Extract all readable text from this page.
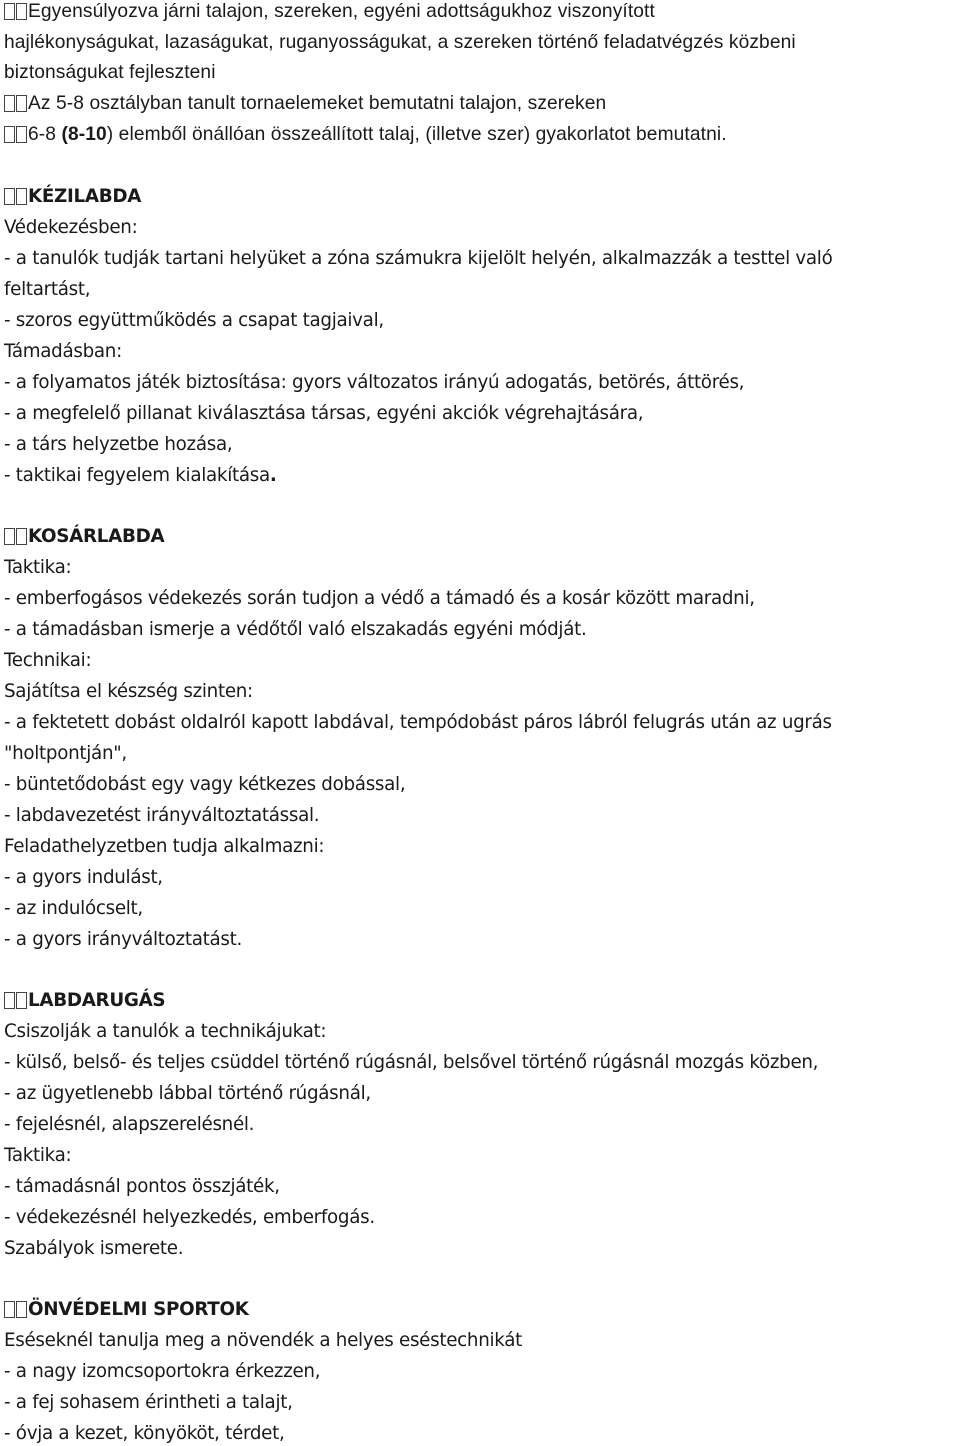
Egyensúlyozva járni talajon, szereken, egyéni adottságukhoz viszonyított
hajlékonyságukat, lazaságukat, ruganyosságukat, a szereken történő feladatvégzés közbeni
biztonságukat fejleszteni
Az 5-8 osztályban tanult tornaelemeket bemutatni talajon, szereken
6-8 (8-10) elemből önállóan összeállított talaj, (illetve szer) gyakorlatot bemutatni.
KÉZILABDA
Védekezésben:
- a tanulók tudják tartani helyüket a zóna számukra kijelölt helyén, alkalmazzák a testtel való
feltartást,
- szoros együttműködés a csapat tagjaival,
Támadásban:
- a folyamatos játék biztosítása: gyors változatos irányú adogatás, betörés, áttörés,
- a megfelelő pillanat kiválasztása társas, egyéni akciók végrehajtására,
- a társ helyzetbe hozása,
- taktikai fegyelem kialakítása.
KOSÁRLABDA
Taktika:
- emberfogásos védekezés során tudjon a védő a támadó és a kosár között maradni,
- a támadásban ismerje a védőtől való elszakadás egyéni módját.
Technikai:
Sajátítsa el készség szinten:
- a fektetett dobást oldalról kapott labdával, tempódobást páros lábról felugrás után az ugrás
"holtpontján",
- büntetődobást egy vagy kétkezes dobással,
- labdavezetést irányváltoztatással.
Feladathelyzetben tudja alkalmazni:
- a gyors indulást,
- az indulócselt,
- a gyors irányváltoztatást.
LABDARUGÁS
Csiszolják a tanulók a technikájukat:
- külső, belső- és teljes csüddel történő rúgásnál, belsővel történő rúgásnál mozgás közben,
- az ügyetlenebb lábbal történő rúgásnál,
- fejelésnél, alapszerelésnél.
Taktika:
- támadásnál pontos összjáték,
- védekezésnél helyezkedés, emberfogás.
Szabályok ismerete.
ÖNVÉDELMI SPORTOK
Eséseknél tanulja meg a növendék a helyes eséstechnikát
- a nagy izomcsoportokra érkezzen,
- a fej sohasem érintheti a talajt,
- óvja a kezet, könyököt, térdet,
